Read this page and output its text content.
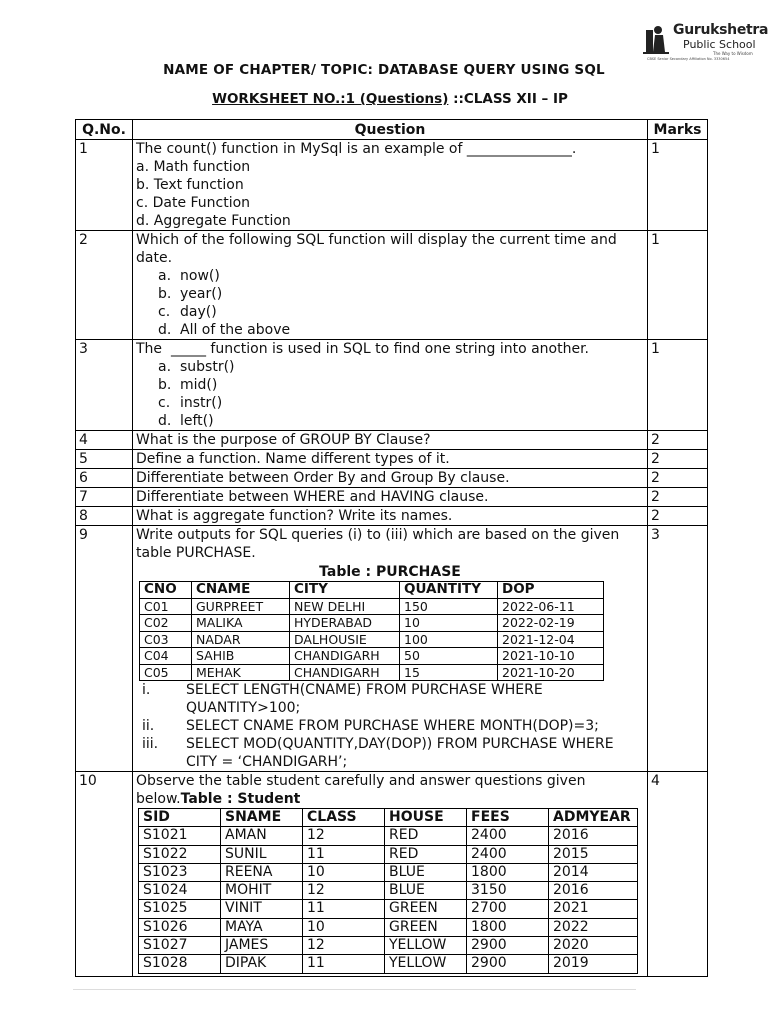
Gurukshetra
Public School
The Way to Wisdom
CBSE Senior Secondary Affiliation No. 3330654
NAME OF CHAPTER/ TOPIC: DATABASE QUERY USING SQL
WORKSHEET NO.:1 (Questions) ::CLASS XII – IP
Q.No.	Question	Marks
1	The count() function in MySql is an example of _______________.
a. Math function
b. Text function
c. Date Function
d. Aggregate Function
	1
2	Which of the following SQL function will display the current time and date.
a. now()
b. year()
c. day()
d. All of the above
	1
3	The  _____ function is used in SQL to find one string into another.
a. substr()
b. mid()
c. instr()
d. left()
	1
4	What is the purpose of GROUP BY Clause?	2
5	Define a function. Name different types of it.	2
6	Differentiate between Order By and Group By clause.	2
7	Differentiate between WHERE and HAVING clause.	2
8	What is aggregate function? Write its names.	2
9	Write outputs for SQL queries (i) to (iii) which are based on the given table PURCHASE.
Table : PURCHASE
CNO	CNAME	CITY	QUANTITY	DOP
C01	GURPREET	NEW DELHI	150	2022-06-11
C02	MALIKA	HYDERABAD	10	2022-02-19
C03	NADAR	DALHOUSIE	100	2021-12-04
C04	SAHIB	CHANDIGARH	50	2021-10-10
C05	MEHAK	CHANDIGARH	15	2021-10-20
i.	SELECT LENGTH(CNAME) FROM PURCHASE WHERE QUANTITY>100;
ii.	SELECT CNAME FROM PURCHASE WHERE MONTH(DOP)=3;
iii.	SELECT MOD(QUANTITY,DAY(DOP)) FROM PURCHASE WHERE CITY = ‘CHANDIGARH’;
	3
10	Observe the table student carefully and answer questions given below.Table : Student
SID	SNAME	CLASS	HOUSE	FEES	ADMYEAR
S1021	AMAN	12	RED	2400	2016
S1022	SUNIL	11	RED	2400	2015
S1023	REENA	10	BLUE	1800	2014
S1024	MOHIT	12	BLUE	3150	2016
S1025	VINIT	11	GREEN	2700	2021
S1026	MAYA	10	GREEN	1800	2022
S1027	JAMES	12	YELLOW	2900	2020
S1028	DIPAK	11	YELLOW	2900	2019
	4
